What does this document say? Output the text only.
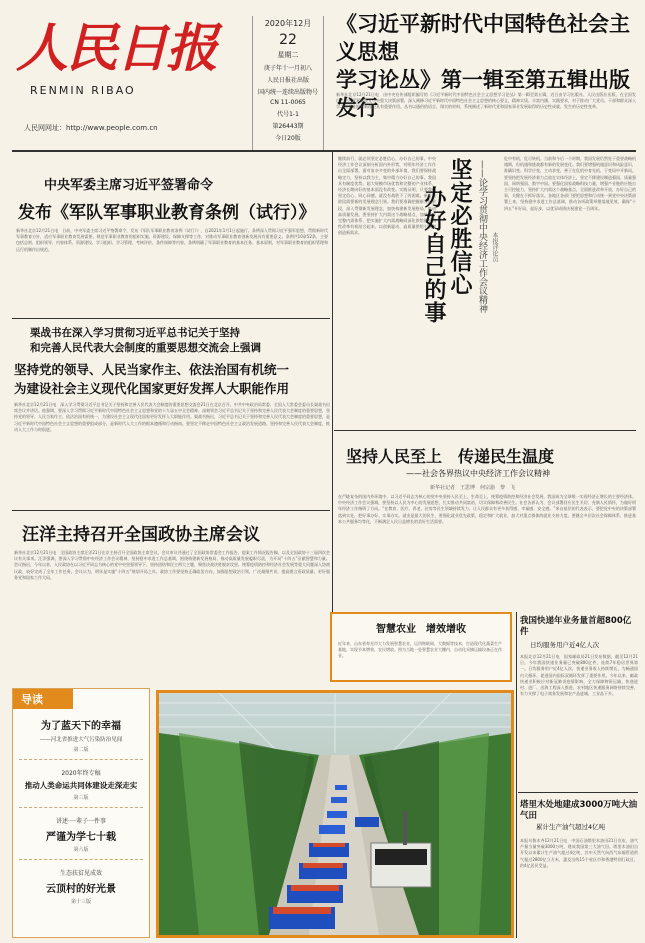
人民日报
RENMIN RIBAO
人民网网址：http://www.people.com.cn
2020年12月
22
星期二
庚子年十一月初八
人民日报社出版
国内统一连续出版物号
CN 11-0065
代号1-1
第26443期
今日20版
《习近平新时代中国特色社会主义思想
学习论丛》第一辑至第五辑出版发行
新华社北京12月21日电　由中央宣传部组织编写的《习近平新时代中国特色社会主义思想学习论丛》第一辑至第五辑，近日由学习出版社、人民出版社出版，在全国发行。论丛紧紧围绕党中央重大决策部署，深入阐释习近平新时代中国特色社会主义思想的核心要义、精神实质、丰富内涵、实践要求，对于推动广大党员、干部和群众深入学习领会党的创新理论具有重要作用。丛书以通俗的语言、翔实的材料，系统阐述了新时代党和国家事业发展取得的历史性成就、发生的历史性变革。
中央军委主席习近平签署命令
发布《军队军事职业教育条例（试行）》
新华社北京12月21日电　日前，中央军委主席习近平签署命令，发布《军队军事职业教育条例（试行）》，自2021年1月1日起施行。条例深入贯彻习近平强军思想，贯彻新时代军事教育方针，适应军事职业教育发展需要，规范军事职业教育的组织实施、资源建设、保障支撑等工作，对推动军事职业教育创新发展具有重要意义。条例共10章52条，主要包括总则、组织领导、内容体系、资源建设、学习组织、学习管理、考核评价、条件保障等内容。条例明确了军事职业教育的基本任务、基本原则，对军事职业教育的组织管理和运行机制作出规范。
栗战书在深入学习贯彻习近平总书记关于坚持
和完善人民代表大会制度的重要思想交流会上强调
坚持党的领导、人民当家作主、依法治国有机统一
为建设社会主义现代化国家更好发挥人大职能作用
新华社北京12月21日电　深入学习贯彻习近平总书记关于坚持和完善人民代表大会制度的重要思想交流会21日在北京召开。中共中央政治局常委、全国人大常委会委员长栗战书出席会议并讲话。他强调，要深入学习贯彻习近平新时代中国特色社会主义思想和党的十九届五中全会精神，深刻领会习近平总书记关于坚持和完善人民代表大会制度的重要思想，坚持党的领导、人民当家作主、依法治国有机统一，为建设社会主义现代化国家更好发挥人大职能作用。栗战书指出，习近平总书记关于坚持和完善人民代表大会制度的重要思想，是习近平新时代中国特色社会主义思想的重要组成部分，是新时代人大工作的根本遵循和行动指南。要坚定不移走中国特色社会主义政治发展道路，坚持和完善人民代表大会制度，推动人大工作与时俱进。
汪洋主持召开全国政协主席会议
新华社北京12月21日电　全国政协主席汪洋21日在京主持召开全国政协主席会议。会议审议并通过了全国政协常委会工作报告、提案工作情况报告稿，以及全国政协十三届四次会议有关事项。汪洋强调，要深入学习贯彻中央经济工作会议精神，坚持稳中求进工作总基调，围绕构建新发展格局、推动高质量发展履职尽责，为开局“十四五”贡献智慧和力量。会议指出，今年以来，人民政协在以习近平同志为核心的党中央坚强领导下，坚持团结和民主两大主题，聚焦决战决胜脱贫攻坚、统筹疫情防控和经济社会发展等重大问题深入协商议政，较好完成了全年工作任务。会议认为，明年是实施“十四五”规划开局之年，政协工作要坚持正确政治方向，加强思想政治引领，广泛凝聚共识，提高建言资政质量，更好服务党和国家工作大局。
继续前行，就必须坚定必胜信心，办好自己的事。中央经济工作会议深刻分析国内外形势，对明年经济工作作出全面部署。面对复杂多变的外部环境，我们要保持战略定力，坚持以我为主，集中精力办好自己的事。我国具有制度优势、超大规模市场优势和完整的产业体系，经济长期向好的基本面没有改变。实践证明，只要我们坚定信心、同心同德，就没有战胜不了的困难。新发展阶段需要新的发展理念引领。我们要准确把握新发展阶段，深入贯彻新发展理念，加快构建新发展格局，推动高质量发展。要坚持扩大内需这个战略基点，加快培育完整内需体系，把实施扩大内需战略同深化供给侧结构性改革有机结合起来，以创新驱动、高质量供给引领和创造新需求。	坚定必胜信心
办好自己的事	——论学习贯彻中央经济工作会议精神 本报评论员
危中有机，危可转机。当前和今后一个时期，我国发展仍然处于重要战略机遇期，但机遇和挑战都有新的发展变化。我们要增强机遇意识和风险意识，准确识变、科学应变、主动求变，善于在危机中育先机、于变局中开新局。要坚持把发展经济着力点放在实体经济上，坚定不移建设制造强国、质量强国、网络强国、数字中国。要强化国家战略科技力量，增强产业链供应链自主可控能力，坚持扩大内需这个战略基点，全面推进改革开放。办好自己的事，关键在于抓好落实。各地区各部门要把思想和行动统一到党中央决策部署上来，坚持稳中求进工作总基调，推动各项政策举措落地见效，确保“十四五”开好局、起好步，以优异成绩庆祝建党一百周年。
坚持人民至上　传递民生温度
——社会各界热议中央经济工作会议精神
新华社记者　王思博　何宗渝　黎　飞
在严峻复杂的国内外环境中，以习近平同志为核心的党中央坚持人民至上、生命至上，统筹疫情防控和经济社会发展，我国成为全球唯一实现经济正增长的主要经济体。中央经济工作会议强调，要坚持以人民为中心的发展思想，扎实推动共同富裕，切实保障和改善民生。社会各界认为，会议部署回应民生关切，充满人民情怀，为做好明年经济工作指明了方向。“在教育、医疗、养老、住房等民生领域持续发力，让人民群众有更多获得感、幸福感、安全感。”来自基层的代表表示，要把党中央的决策部署落到实处，把好事办好、实事办实。就业是最大的民生，要强化就业优先政策，稳定和扩大就业，加大对重点群体的就业支持力度。要健全多层次社会保障体系，推进基本公共服务均等化，不断满足人民日益增长的美好生活需要。
智慧农业　增效增收
近年来，山东省寿光市大力发展智慧农业，运用物联网、大数据等技术，打造现代化蔬菜生产基地，实现节本增效、农民增收。图为当地一处智慧农业大棚内，自动化采摘运输设备正在作业。
我国快递年业务量首超800亿件
日均服务用户近4亿人次
本报北京12月21日电　国家邮政局21日发布数据，截至12月21日，今年我国快递业务量已突破800亿件，连续7年稳居世界第一。日均服务用户近4亿人次，快递业务收入持续增长，为畅通国内大循环、促进国内国际双循环发挥了重要作用。今年以来，邮政快递业积极应对新冠肺炎疫情影响，全力保障物资运输，快递进村、进厂、出海工程深入推进，农村地区快递服务网络持续完善，有力支撑了电子商务发展和农产品进城、工业品下乡。
塔里木处地建成3000万吨大油气田
累计生产油气超过4亿吨
本报乌鲁木齐12月21日电　中国石油塔里木油田21日宣布，油气产量当量突破3000万吨，建成我国第三大油气田。塔里木油田自开发以来累计生产油气超过4亿吨，其中天然气向西气东输管道供气超过2800亿立方米，惠及沿线15个省区市和香港特别行政区，约4亿居民受益。
导读
为了蓝天下的幸福
——河北省推进大气污染防治见闻
第二版
2020年终专稿
推动人类命运共同体建设走深走实
第三版
讲述·一辈子一件事
严谨为学七十载
第六版
生态扶贫见成效
云顶村的好光景
第十三版
